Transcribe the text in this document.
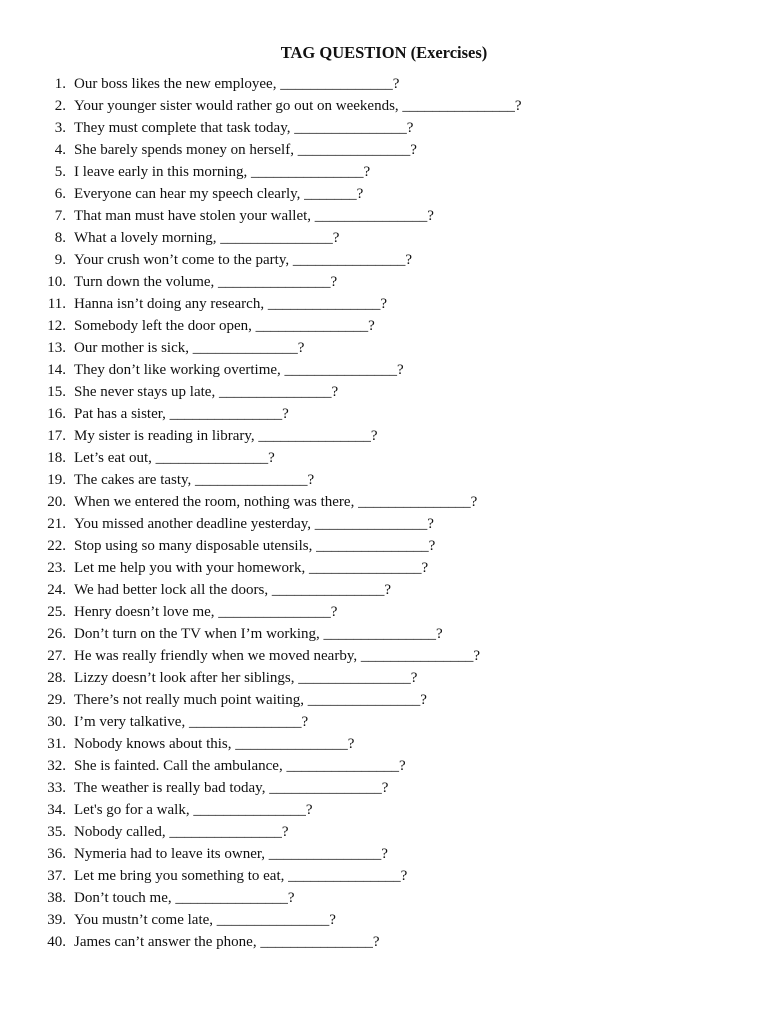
TAG QUESTION (Exercises)
1. Our boss likes the new employee, _______________?
2. Your younger sister would rather go out on weekends, _______________?
3. They must complete that task today, _______________?
4. She barely spends money on herself, _______________?
5. I leave early in this morning, _______________?
6. Everyone can hear my speech clearly, _______?
7. That man must have stolen your wallet, _______________?
8. What a lovely morning, _______________?
9. Your crush won’t come to the party, _______________?
10. Turn down the volume, _______________?
11. Hanna isn’t doing any research, _______________?
12. Somebody left the door open, _______________?
13. Our mother is sick, ______________?
14. They don’t like working overtime, _______________?
15. She never stays up late, _______________?
16. Pat has a sister, _______________?
17. My sister is reading in library, _______________?
18. Let’s eat out, _______________?
19. The cakes are tasty, _______________?
20. When we entered the room, nothing was there, _______________?
21. You missed another deadline yesterday, _______________?
22. Stop using so many disposable utensils, _______________?
23. Let me help you with your homework, _______________?
24. We had better lock all the doors, _______________?
25. Henry doesn’t love me, _______________?
26. Don’t turn on the TV when I’m working, _______________?
27. He was really friendly when we moved nearby, _______________?
28. Lizzy doesn’t look after her siblings, _______________?
29. There’s not really much point waiting, _______________?
30. I’m very talkative, _______________?
31. Nobody knows about this, _______________?
32. She is fainted. Call the ambulance, _______________?
33. The weather is really bad today, _______________?
34. Let's go for a walk, _______________?
35. Nobody called, _______________?
36. Nymeria had to leave its owner, _______________?
37. Let me bring you something to eat, _______________?
38. Don’t touch me, _______________?
39. You mustn’t come late, _______________?
40. James can’t answer the phone, _______________?
